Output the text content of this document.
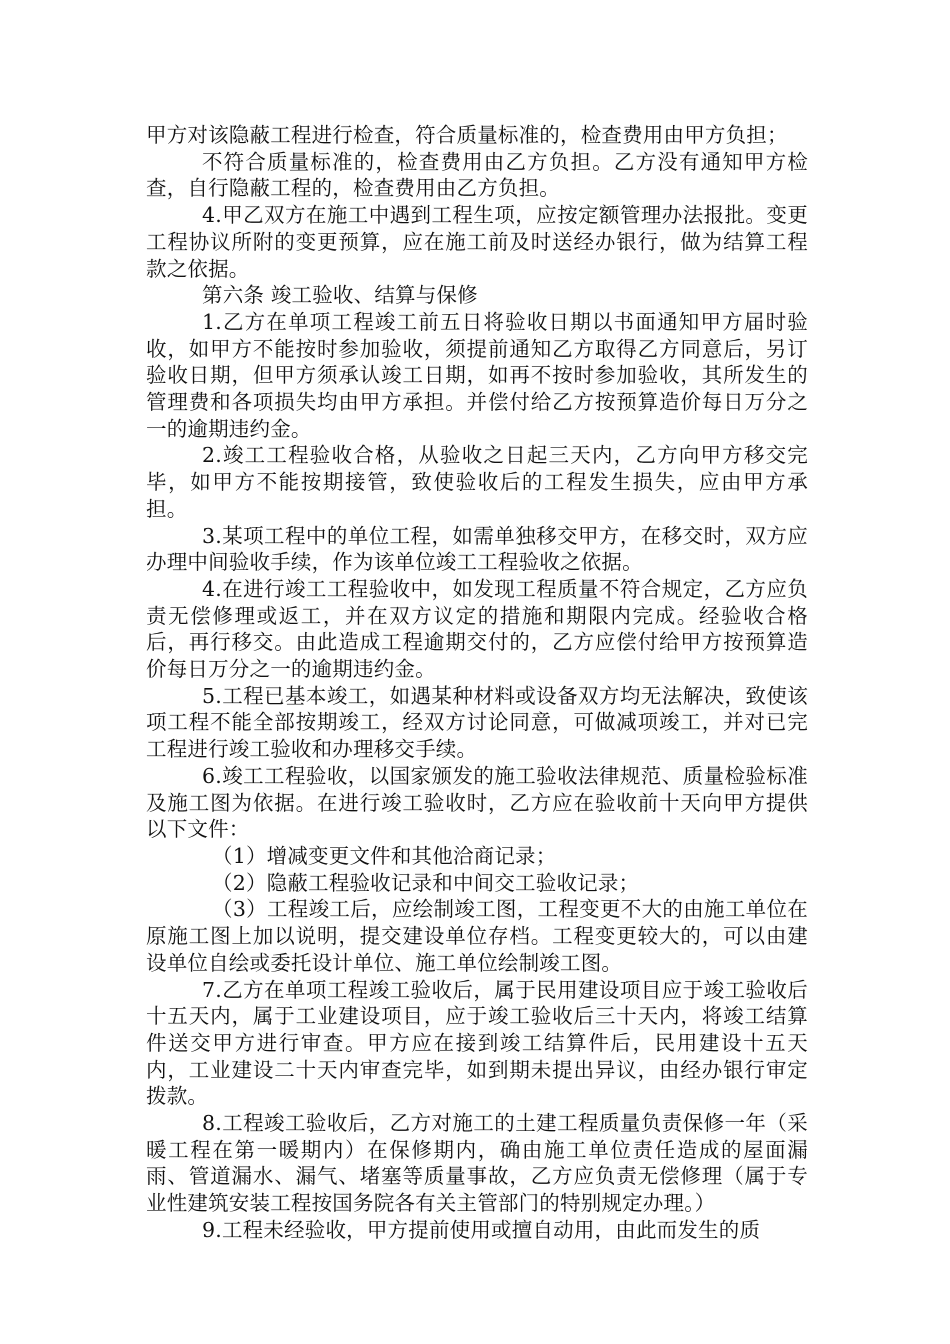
甲方对该隐蔽工程进行检查，符合质量标准的，检查费用由甲方负担；

不符合质量标准的，检查费用由乙方负担。乙方没有通知甲方检查，自行隐蔽工程的，检查费用由乙方负担。

4.甲乙双方在施工中遇到工程生项，应按定额管理办法报批。变更工程协议所附的变更预算，应在施工前及时送经办银行，做为结算工程款之依据。

第六条 竣工验收、结算与保修

1.乙方在单项工程竣工前五日将验收日期以书面通知甲方届时验收，如甲方不能按时参加验收，须提前通知乙方取得乙方同意后，另订验收日期，但甲方须承认竣工日期，如再不按时参加验收，其所发生的管理费和各项损失均由甲方承担。并偿付给乙方按预算造价每日万分之一的逾期违约金。

2.竣工工程验收合格，从验收之日起三天内，乙方向甲方移交完毕，如甲方不能按期接管，致使验收后的工程发生损失，应由甲方承担。

3.某项工程中的单位工程，如需单独移交甲方，在移交时，双方应办理中间验收手续，作为该单位竣工工程验收之依据。

4.在进行竣工工程验收中，如发现工程质量不符合规定，乙方应负责无偿修理或返工，并在双方议定的措施和期限内完成。经验收合格后，再行移交。由此造成工程逾期交付的，乙方应偿付给甲方按预算造价每日万分之一的逾期违约金。

5.工程已基本竣工，如遇某种材料或设备双方均无法解决，致使该项工程不能全部按期竣工，经双方讨论同意，可做减项竣工，并对已完工程进行竣工验收和办理移交手续。

6.竣工工程验收，以国家颁发的施工验收法律规范、质量检验标准及施工图为依据。在进行竣工验收时，乙方应在验收前十天向甲方提供以下文件：

（1）增减变更文件和其他洽商记录；

（2）隐蔽工程验收记录和中间交工验收记录；

（3）工程竣工后，应绘制竣工图，工程变更不大的由施工单位在原施工图上加以说明，提交建设单位存档。工程变更较大的，可以由建设单位自绘或委托设计单位、施工单位绘制竣工图。

7.乙方在单项工程竣工验收后，属于民用建设项目应于竣工验收后十五天内，属于工业建设项目，应于竣工验收后三十天内，将竣工结算件送交甲方进行审查。甲方应在接到竣工结算件后，民用建设十五天内，工业建设二十天内审查完毕，如到期未提出异议，由经办银行审定拨款。

8.工程竣工验收后，乙方对施工的土建工程质量负责保修一年（采暖工程在第一暖期内）在保修期内，确由施工单位责任造成的屋面漏雨、管道漏水、漏气、堵塞等质量事故，乙方应负责无偿修理（属于专业性建筑安装工程按国务院各有关主管部门的特别规定办理。）

9.工程未经验收，甲方提前使用或擅自动用，由此而发生的质
